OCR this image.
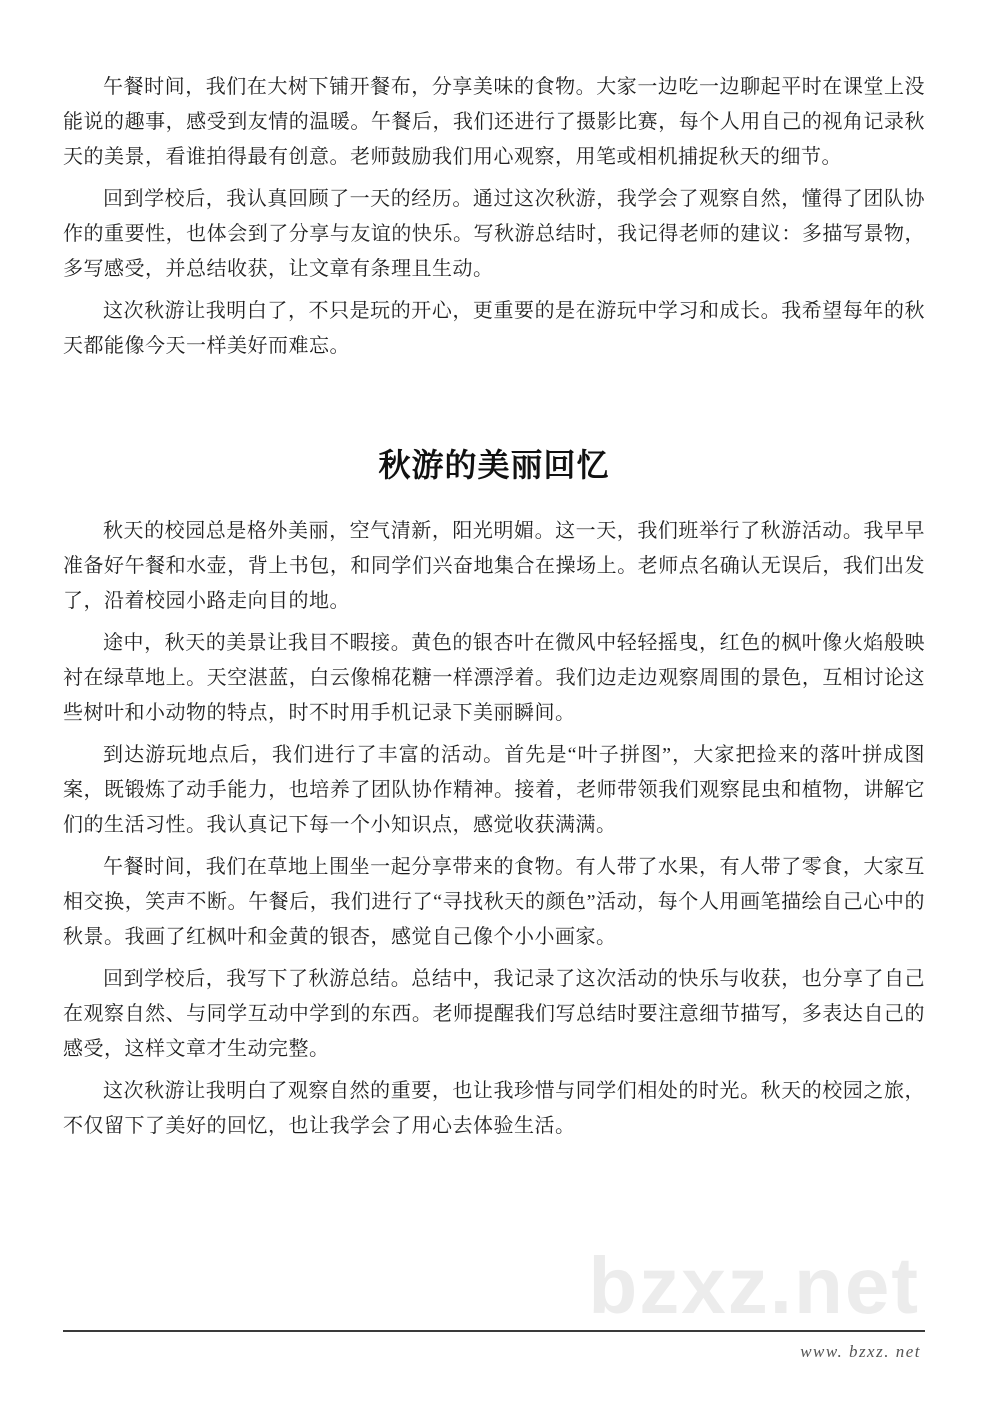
午餐时间，我们在大树下铺开餐布，分享美味的食物。大家一边吃一边聊起平时在课堂上没能说的趣事，感受到友情的温暖。午餐后，我们还进行了摄影比赛，每个人用自己的视角记录秋天的美景，看谁拍得最有创意。老师鼓励我们用心观察，用笔或相机捕捉秋天的细节。

回到学校后，我认真回顾了一天的经历。通过这次秋游，我学会了观察自然，懂得了团队协作的重要性，也体会到了分享与友谊的快乐。写秋游总结时，我记得老师的建议：多描写景物，多写感受，并总结收获，让文章有条理且生动。

这次秋游让我明白了，不只是玩的开心，更重要的是在游玩中学习和成长。我希望每年的秋天都能像今天一样美好而难忘。

秋游的美丽回忆

秋天的校园总是格外美丽，空气清新，阳光明媚。这一天，我们班举行了秋游活动。我早早准备好午餐和水壶，背上书包，和同学们兴奋地集合在操场上。老师点名确认无误后，我们出发了，沿着校园小路走向目的地。

途中，秋天的美景让我目不暇接。黄色的银杏叶在微风中轻轻摇曳，红色的枫叶像火焰般映衬在绿草地上。天空湛蓝，白云像棉花糖一样漂浮着。我们边走边观察周围的景色，互相讨论这些树叶和小动物的特点，时不时用手机记录下美丽瞬间。

到达游玩地点后，我们进行了丰富的活动。首先是“叶子拼图”，大家把捡来的落叶拼成图案，既锻炼了动手能力，也培养了团队协作精神。接着，老师带领我们观察昆虫和植物，讲解它们的生活习性。我认真记下每一个小知识点，感觉收获满满。

午餐时间，我们在草地上围坐一起分享带来的食物。有人带了水果，有人带了零食，大家互相交换，笑声不断。午餐后，我们进行了“寻找秋天的颜色”活动，每个人用画笔描绘自己心中的秋景。我画了红枫叶和金黄的银杏，感觉自己像个小小画家。

回到学校后，我写下了秋游总结。总结中，我记录了这次活动的快乐与收获，也分享了自己在观察自然、与同学互动中学到的东西。老师提醒我们写总结时要注意细节描写，多表达自己的感受，这样文章才生动完整。

这次秋游让我明白了观察自然的重要，也让我珍惜与同学们相处的时光。秋天的校园之旅，不仅留下了美好的回忆，也让我学会了用心去体验生活。

bzxz.net
www. bzxz. net
